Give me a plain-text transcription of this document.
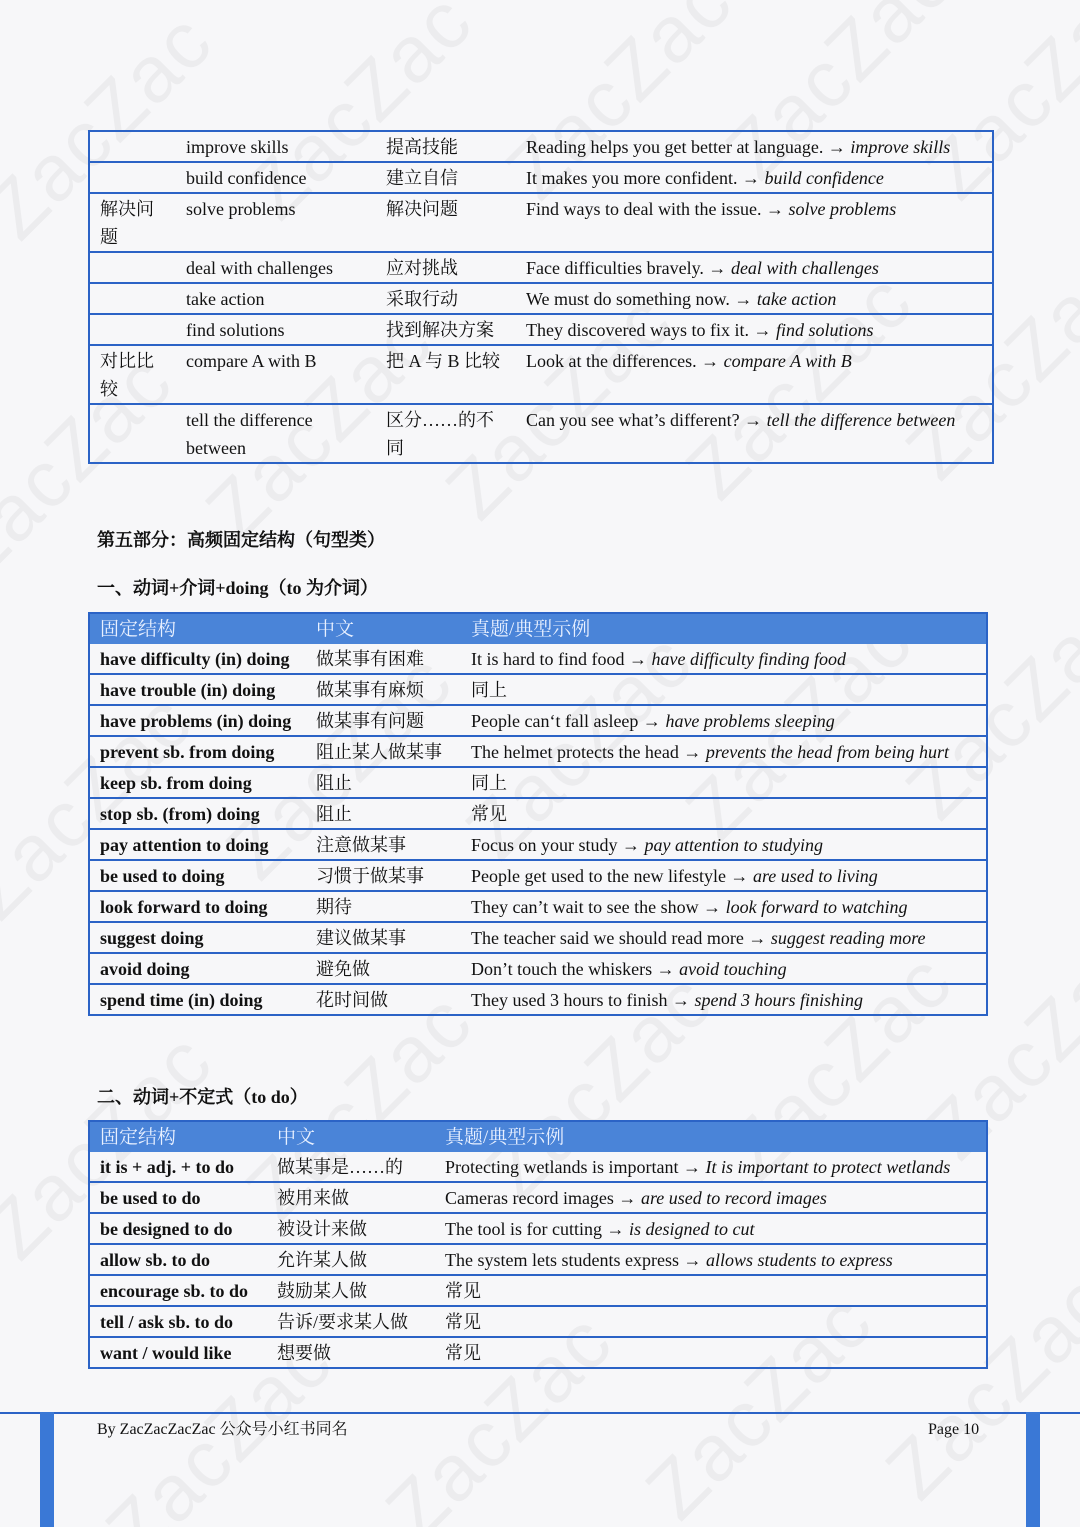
	improve skills	提高技能	Reading helps you get better at language. → improve skills
	build confidence	建立自信	It makes you more confident. → build confidence
解决问题	solve problems	解决问题	Find ways to deal with the issue. → solve problems
	deal with challenges	应对挑战	Face difficulties bravely. → deal with challenges
	take action	采取行动	We must do something now. → take action
	find solutions	找到解决方案	They discovered ways to fix it. → find solutions
对比比较	compare A with B	把 A 与 B 比较	Look at the differences. → compare A with B
	tell the difference between	区分……的不同	Can you see what’s different? → tell the difference between
第五部分：高频固定结构（句型类）
一、动词+介词+doing（to 为介词）
固定结构	中文	真题/典型示例
have difficulty (in) doing	做某事有困难	It is hard to find food → have difficulty finding food
have trouble (in) doing	做某事有麻烦	同上
have problems (in) doing	做某事有问题	People can‘t fall asleep → have problems sleeping
prevent sb. from doing	阻止某人做某事	The helmet protects the head → prevents the head from being hurt
keep sb. from doing	阻止	同上
stop sb. (from) doing	阻止	常见
pay attention to doing	注意做某事	Focus on your study → pay attention to studying
be used to doing	习惯于做某事	People get used to the new lifestyle → are used to living
look forward to doing	期待	They can’t wait to see the show → look forward to watching
suggest doing	建议做某事	The teacher said we should read more → suggest reading more
avoid doing	避免做	Don’t touch the whiskers → avoid touching
spend time (in) doing	花时间做	They used 3 hours to finish → spend 3 hours finishing
二、动词+不定式（to do）
固定结构	中文	真题/典型示例
it is + adj. + to do	做某事是……的	Protecting wetlands is important → It is important to protect wetlands
be used to do	被用来做	Cameras record images → are used to record images
be designed to do	被设计来做	The tool is for cutting → is designed to cut
allow sb. to do	允许某人做	The system lets students express → allows students to express
encourage sb. to do	鼓励某人做	常见
tell / ask sb. to do	告诉/要求某人做	常见
want / would like	想要做	常见
By ZacZacZacZac 公众号小红书同名	Page 10
